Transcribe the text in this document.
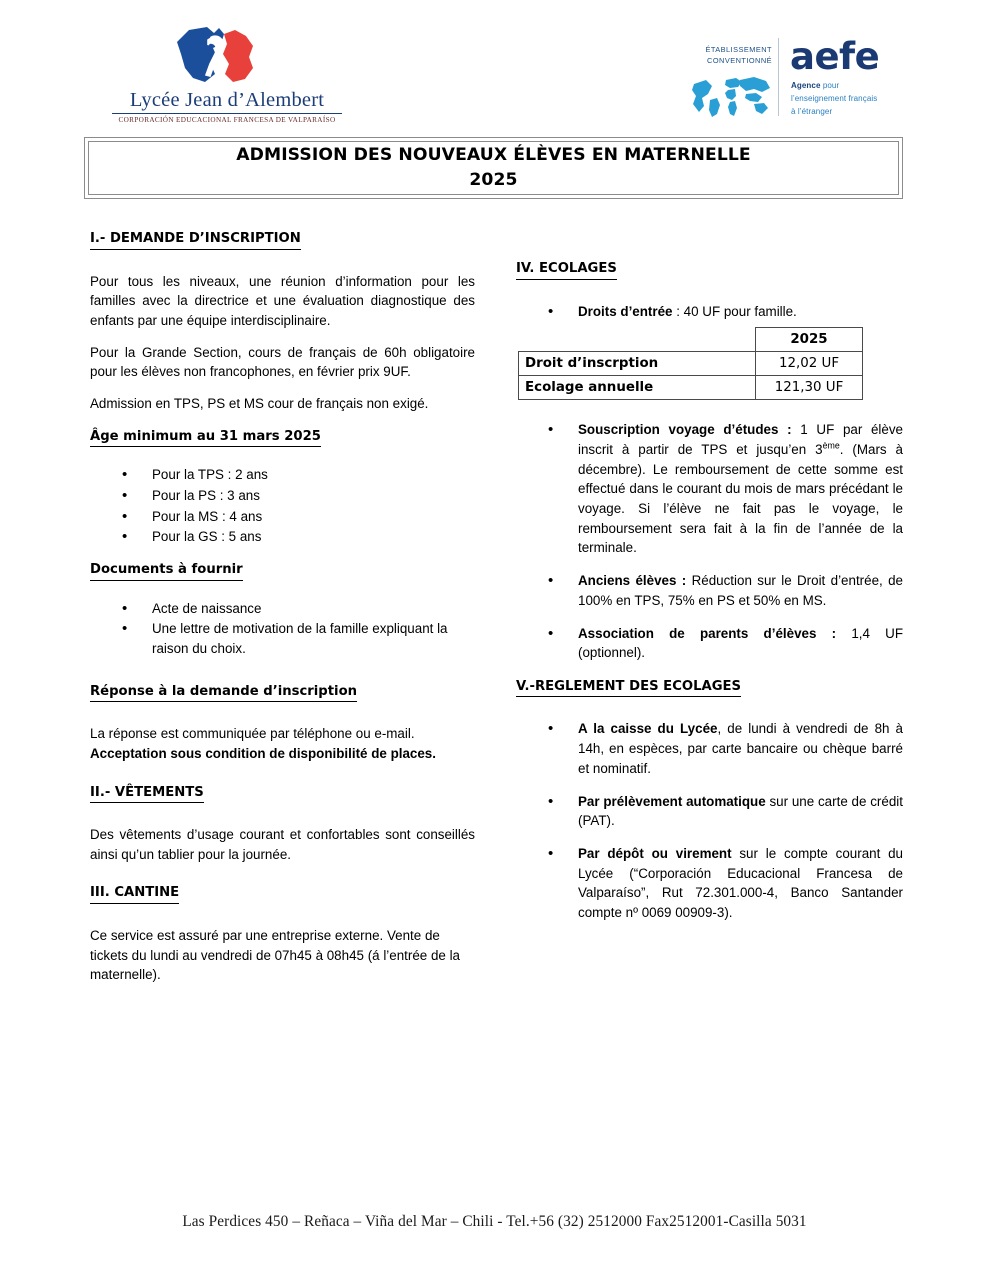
Lycée Jean d’Alembert
CORPORACIÓN EDUCACIONAL FRANCESA DE VALPARAÍSO
ÉTABLISSEMENT
CONVENTIONNÉ aefe
Agence pour
l’enseignement français
à l’étranger
ADMISSION DES NOUVEAUX ÉLÈVES EN MATERNELLE
2025
I.- DEMANDE D’INSCRIPTION

Pour tous les niveaux, une réunion d’information pour les familles avec la directrice et une évaluation diagnostique des enfants par une équipe interdisciplinaire.

Pour la Grande Section, cours de français de 60h obligatoire pour les élèves non francophones, en février prix 9UF.

Admission en TPS, PS et MS cour de français non exigé.

Âge minimum au 31 mars 2025
• Pour la TPS : 2 ans
• Pour la PS : 3 ans
• Pour la MS : 4 ans
• Pour la GS : 5 ans
Documents à fournir
• Acte de naissance
• Une lettre de motivation de la famille expliquant la raison du choix.
Réponse à la demande d’inscription

La réponse est communiquée par téléphone ou e-mail. Acceptation sous condition de disponibilité de places.

II.- VÊTEMENTS

Des vêtements d’usage courant et confortables sont conseillés ainsi qu’un tablier pour la journée.

III. CANTINE

Ce service est assuré par une entreprise externe. Vente de tickets du lundi au vendredi de 07h45 à 08h45 (á l’entrée de la maternelle).

IV. ECOLAGES
• Droits d’entrée : 40 UF pour famille.
	2025
Droit d’inscrption	12,02 UF
Ecolage annuelle	121,30 UF
• Souscription voyage d’études : 1 UF par élève inscrit à partir de TPS et jusqu’en 3ème. (Mars à décembre). Le remboursement de cette somme est effectué dans le courant du mois de mars précédant le voyage. Si l’élève ne fait pas le voyage, le remboursement sera fait à la fin de l’année de la terminale.
• Anciens élèves : Réduction sur le Droit d’entrée, de 100% en TPS, 75% en PS et 50% en MS.
• Association de parents d’élèves : 1,4 UF (optionnel).
V.-REGLEMENT DES ECOLAGES
• A la caisse du Lycée, de lundi à vendredi de 8h à 14h, en espèces, par carte bancaire ou chèque barré et nominatif.
• Par prélèvement automatique sur une carte de crédit (PAT).
• Par dépôt ou virement sur le compte courant du Lycée (“Corporación Educacional Francesa de Valparaíso”, Rut 72.301.000-4, Banco Santander compte nº 0069 00909-3).
Las Perdices 450 – Reñaca – Viña del Mar – Chili - Tel.+56 (32) 2512000 Fax2512001-Casilla 5031
